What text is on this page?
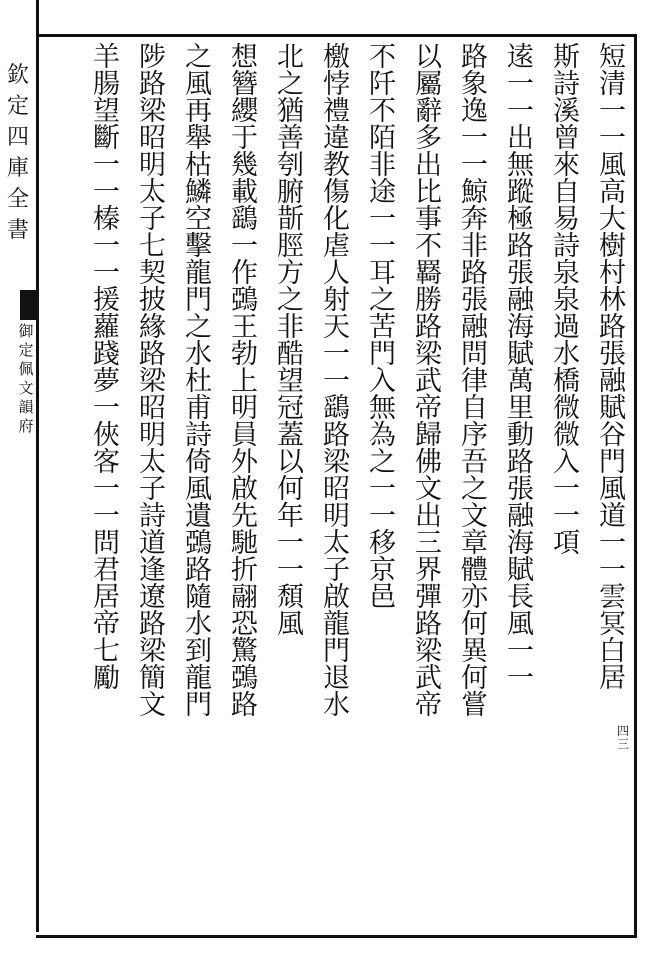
欽定四庫全書
御定佩文韻府	短清一一風高大樹村林路張融賦谷門風道一一雲冥白居
斯詩溪曾來自易詩泉泉過水橋微微入一一項
逺一一出無蹤極路張融海賦萬里動路張融海賦長風一一
路象逸一一鯨奔非路張融問律自序吾之文章體亦何異何嘗
以屬辭多出比事不羇勝路梁武帝歸佛文出三界彈路梁武帝
不阡不陌非途一一耳之苦門入無為之一一移京邑
檄悖禮違教傷化虐人射天一一鷂路梁昭明太子啟龍門退水
北之猶善刳腑斮脛方之非酷望冠蓋以何年一一頹風
想簪纓于幾載鷂一作鵶王勃上明員外啟先馳折翮恐驚鵶路
之風再舉枯鱗空擊龍門之水杜甫詩倚風遺鵶路隨水到龍門
陟路梁昭明太子七契披緣路梁昭明太子詩道逢遼路梁簡文
羊腸望斷一一榛一一援蘿踐夢一俠客一一問君居帝七勵
四三
